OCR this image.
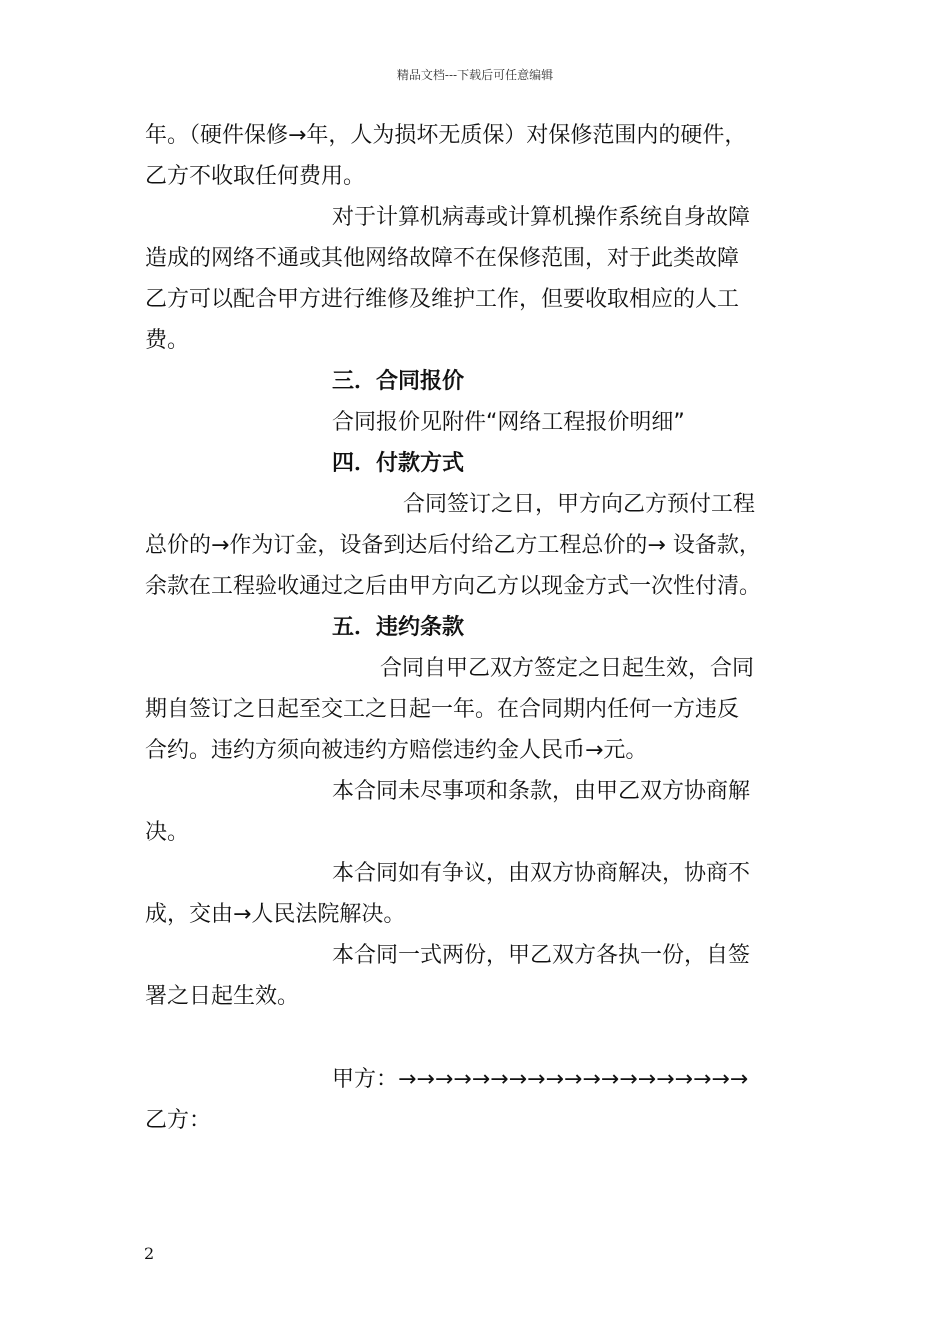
精品文档---下载后可任意编辑
年。（硬件保修→年，人为损坏无质保）对保修范围内的硬件，
乙方不收取任何费用。
对于计算机病毒或计算机操作系统自身故障
造成的网络不通或其他网络故障不在保修范围，对于此类故障
乙方可以配合甲方进行维修及维护工作，但要收取相应的人工
费。
三．合同报价
合同报价见附件“网络工程报价明细”
四．付款方式
合同签订之日，甲方向乙方预付工程
总价的→作为订金，设备到达后付给乙方工程总价的→ 设备款，
余款在工程验收通过之后由甲方向乙方以现金方式一次性付清。
五．违约条款
合同自甲乙双方签定之日起生效，合同
期自签订之日起至交工之日起一年。在合同期内任何一方违反
合约。违约方须向被违约方赔偿违约金人民币→元。
本合同未尽事项和条款，由甲乙双方协商解
决。
本合同如有争议，由双方协商解决，协商不
成，交由→人民法院解决。
本合同一式两份，甲乙双方各执一份，自签
署之日起生效。
甲方：→→→→→→→→→→→→→→→→→→→
乙方：
2
